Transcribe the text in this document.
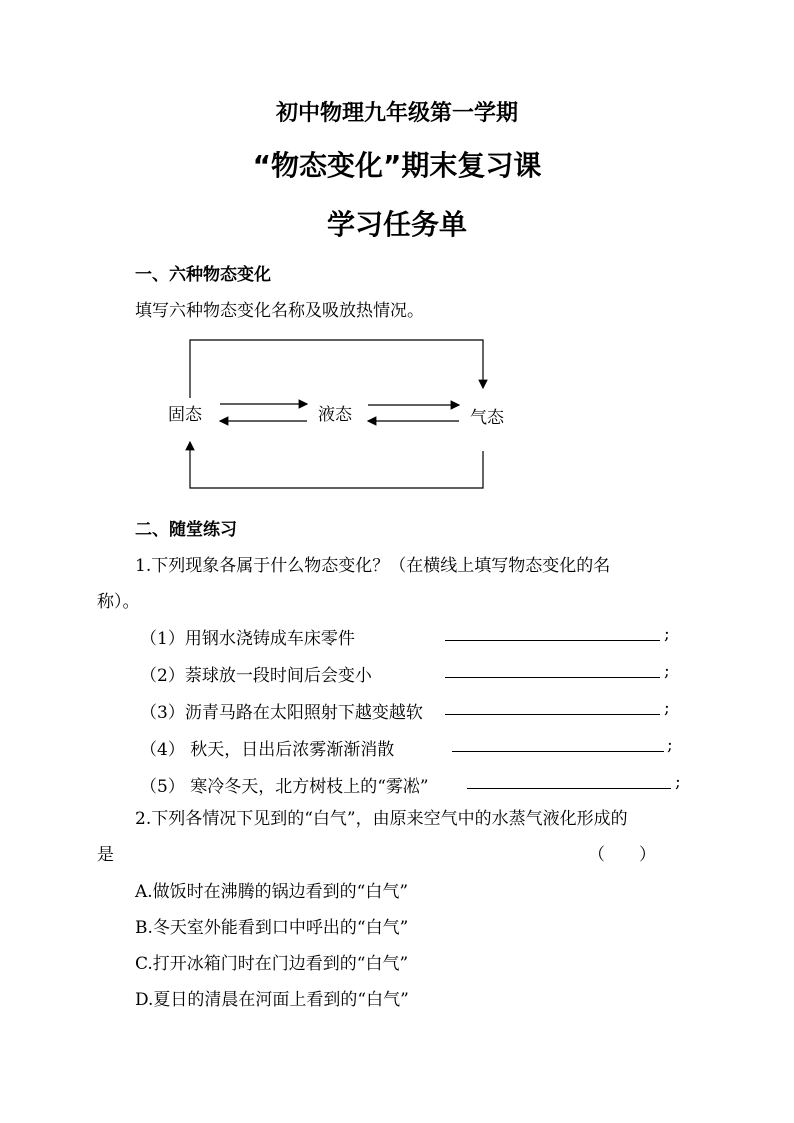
初中物理九年级第一学期
“物态变化”期末复习课
学习任务单
一、六种物态变化
填写六种物态变化名称及吸放热情况。
固态	液态	气态
二、随堂练习
1.下列现象各属于什么物态变化？（在横线上填写物态变化的名
称）。
（1）用钢水浇铸成车床零件	;
（2）萘球放一段时间后会变小	;
（3）沥青马路在太阳照射下越变越软	;
（4） 秋天，日出后浓雾渐渐消散	;
（5） 寒冷冬天，北方树枝上的“雾凇”	;
2.下列各情况下见到的“白气”，由原来空气中的水蒸气液化形成的
是	（　　）
A.做饭时在沸腾的锅边看到的“白气”
B.冬天室外能看到口中呼出的“白气”
C.打开冰箱门时在门边看到的“白气”
D.夏日的清晨在河面上看到的“白气”
